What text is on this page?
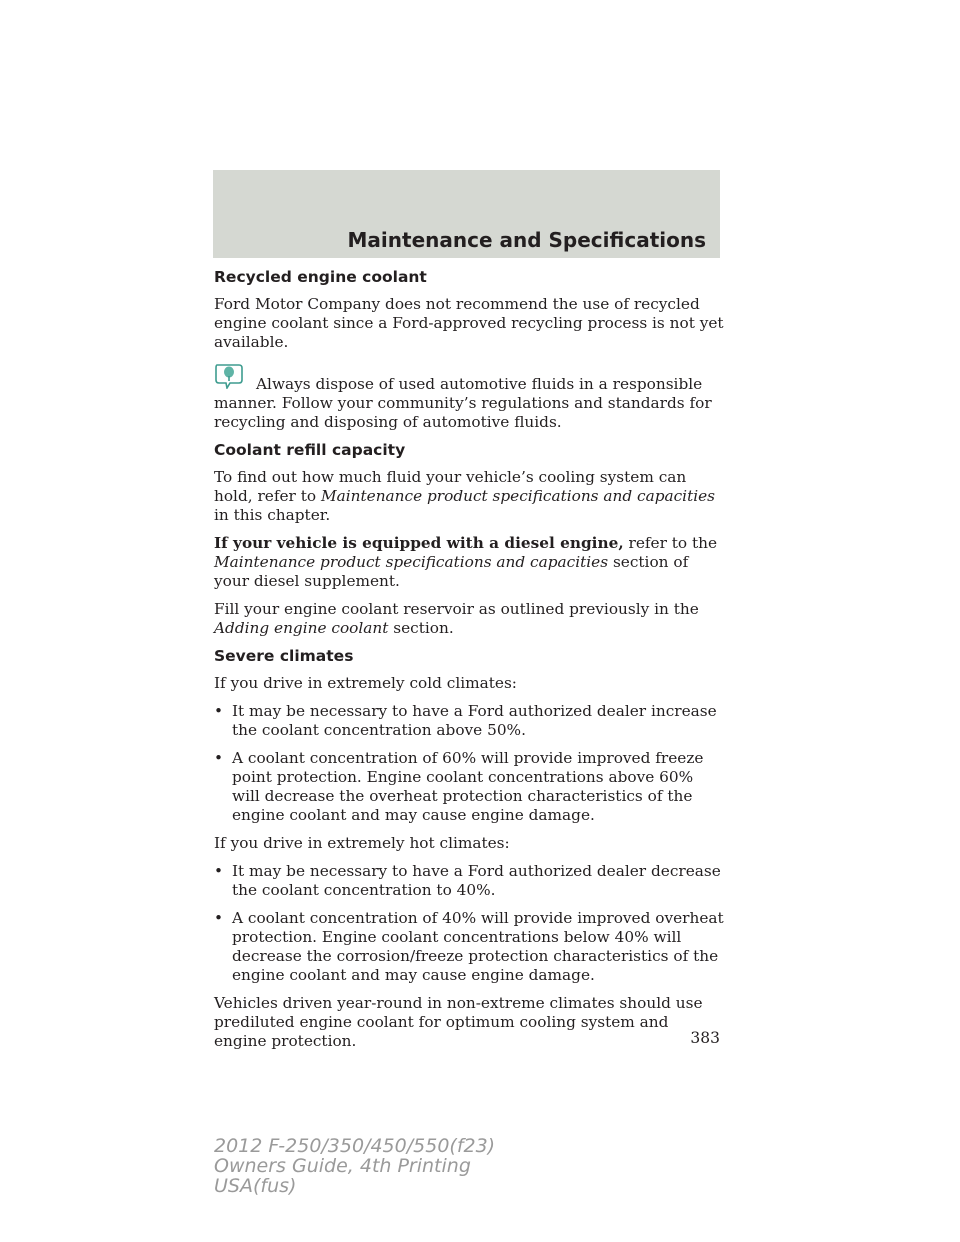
Maintenance and Specifications
Recycled engine coolant

Ford Motor Company does not recommend the use of recycled engine coolant since a Ford-approved recycling process is not yet available.

Always dispose of used automotive fluids in a responsible manner. Follow your community’s regulations and standards for recycling and disposing of automotive fluids.

Coolant refill capacity

To find out how much fluid your vehicle’s cooling system can hold, refer to Maintenance product specifications and capacities in this chapter.

If your vehicle is equipped with a diesel engine, refer to the Maintenance product specifications and capacities section of your diesel supplement.

Fill your engine coolant reservoir as outlined previously in the Adding engine coolant section.

Severe climates

If you drive in extremely cold climates:

• It may be necessary to have a Ford authorized dealer increase the coolant concentration above 50%.
• A coolant concentration of 60% will provide improved freeze point protection. Engine coolant concentrations above 60% will decrease the overheat protection characteristics of the engine coolant and may cause engine damage.

If you drive in extremely hot climates:

• It may be necessary to have a Ford authorized dealer decrease the coolant concentration to 40%.
• A coolant concentration of 40% will provide improved overheat protection. Engine coolant concentrations below 40% will decrease the corrosion/freeze protection characteristics of the engine coolant and may cause engine damage.

Vehicles driven year-round in non-extreme climates should use prediluted engine coolant for optimum cooling system and engine protection.	383
2012 F-250/350/450/550(f23)
Owners Guide, 4th Printing
USA(fus)
